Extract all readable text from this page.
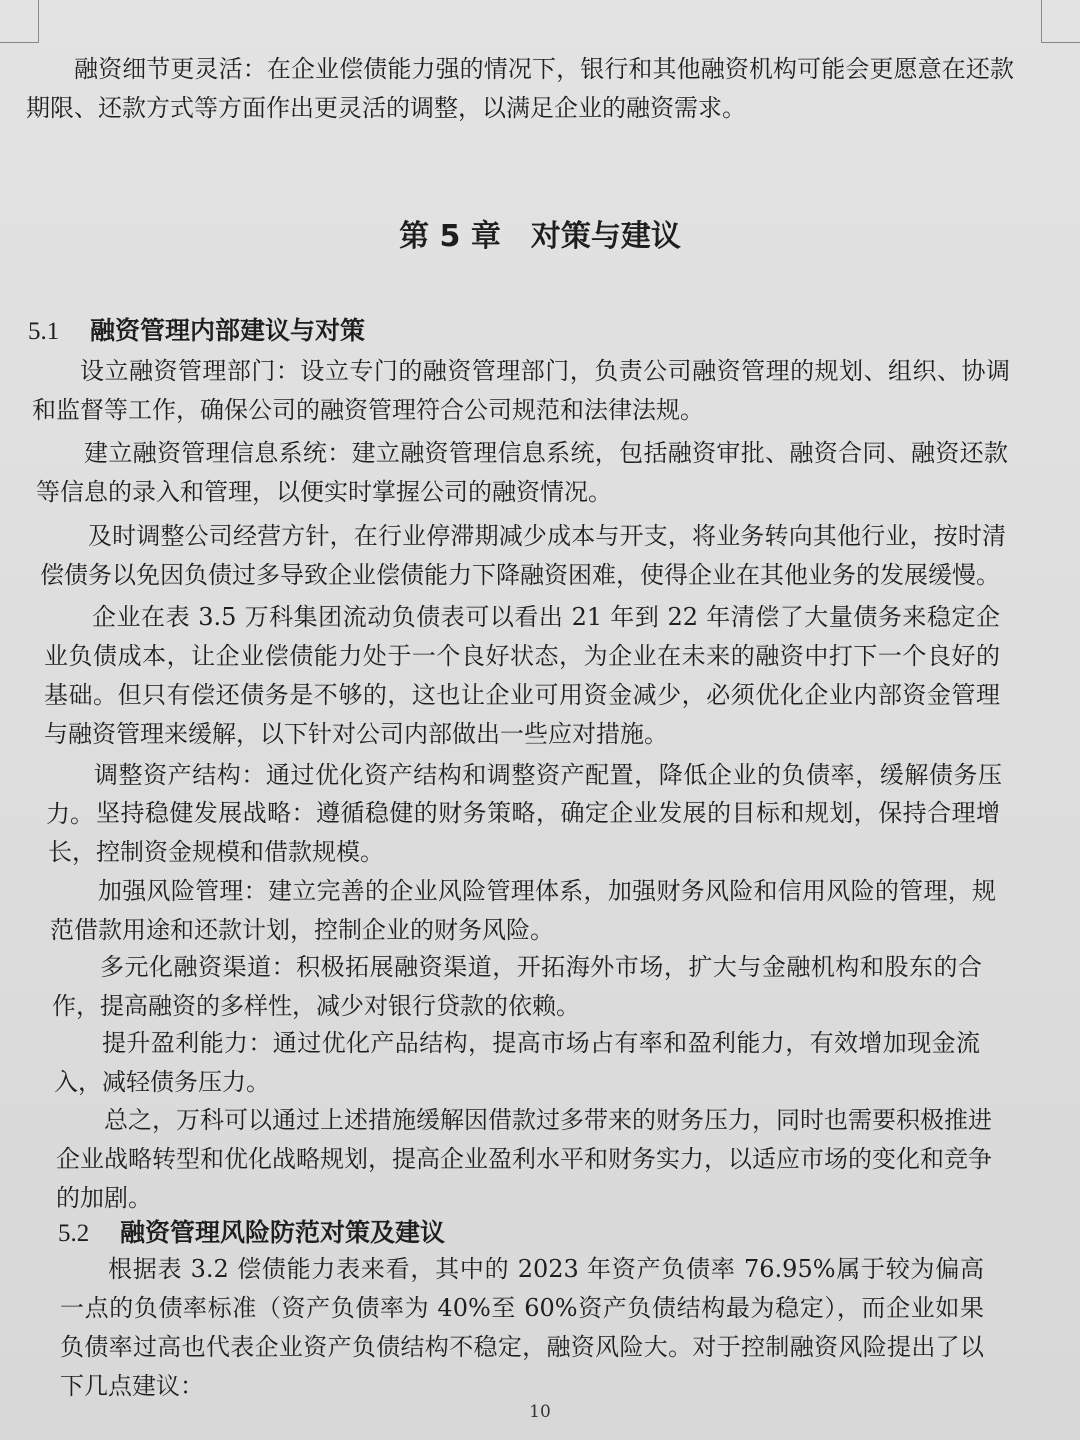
融资细节更灵活：在企业偿债能力强的情况下，银行和其他融资机构可能会更愿意在还款期限、还款方式等方面作出更灵活的调整，以满足企业的融资需求。

第 5 章 对策与建议
5.1 融资管理内部建议与对策

设立融资管理部门：设立专门的融资管理部门，负责公司融资管理的规划、组织、协调和监督等工作，确保公司的融资管理符合公司规范和法律法规。

建立融资管理信息系统：建立融资管理信息系统，包括融资审批、融资合同、融资还款等信息的录入和管理，以便实时掌握公司的融资情况。

及时调整公司经营方针，在行业停滞期减少成本与开支，将业务转向其他行业，按时清偿债务以免因负债过多导致企业偿债能力下降融资困难，使得企业在其他业务的发展缓慢。

企业在表 3.5 万科集团流动负债表可以看出 21 年到 22 年清偿了大量债务来稳定企业负债成本，让企业偿债能力处于一个良好状态，为企业在未来的融资中打下一个良好的基础。但只有偿还债务是不够的，这也让企业可用资金减少，必须优化企业内部资金管理与融资管理来缓解，以下针对公司内部做出一些应对措施。

调整资产结构：通过优化资产结构和调整资产配置，降低企业的负债率，缓解债务压力。 坚持稳健发展战略：遵循稳健的财务策略，确定企业发展的目标和规划，保持合理增长，控制资金规模和借款规模。

加强风险管理：建立完善的企业风险管理体系，加强财务风险和信用风险的管理，规范借款用途和还款计划，控制企业的财务风险。

多元化融资渠道：积极拓展融资渠道，开拓海外市场，扩大与金融机构和股东的合作，提高融资的多样性，减少对银行贷款的依赖。

提升盈利能力：通过优化产品结构，提高市场占有率和盈利能力，有效增加现金流入，减轻债务压力。

总之，万科可以通过上述措施缓解因借款过多带来的财务压力，同时也需要积极推进企业战略转型和优化战略规划，提高企业盈利水平和财务实力，以适应市场的变化和竞争的加剧。

5.2 融资管理风险防范对策及建议

根据表 3.2 偿债能力表来看，其中的 2023 年资产负债率 76.95%属于较为偏高一点的负债率标准（资产负债率为 40%至 60%资产负债结构最为稳定），而企业如果负债率过高也代表企业资产负债结构不稳定，融资风险大。对于控制融资风险提出了以下几点建议：

10
